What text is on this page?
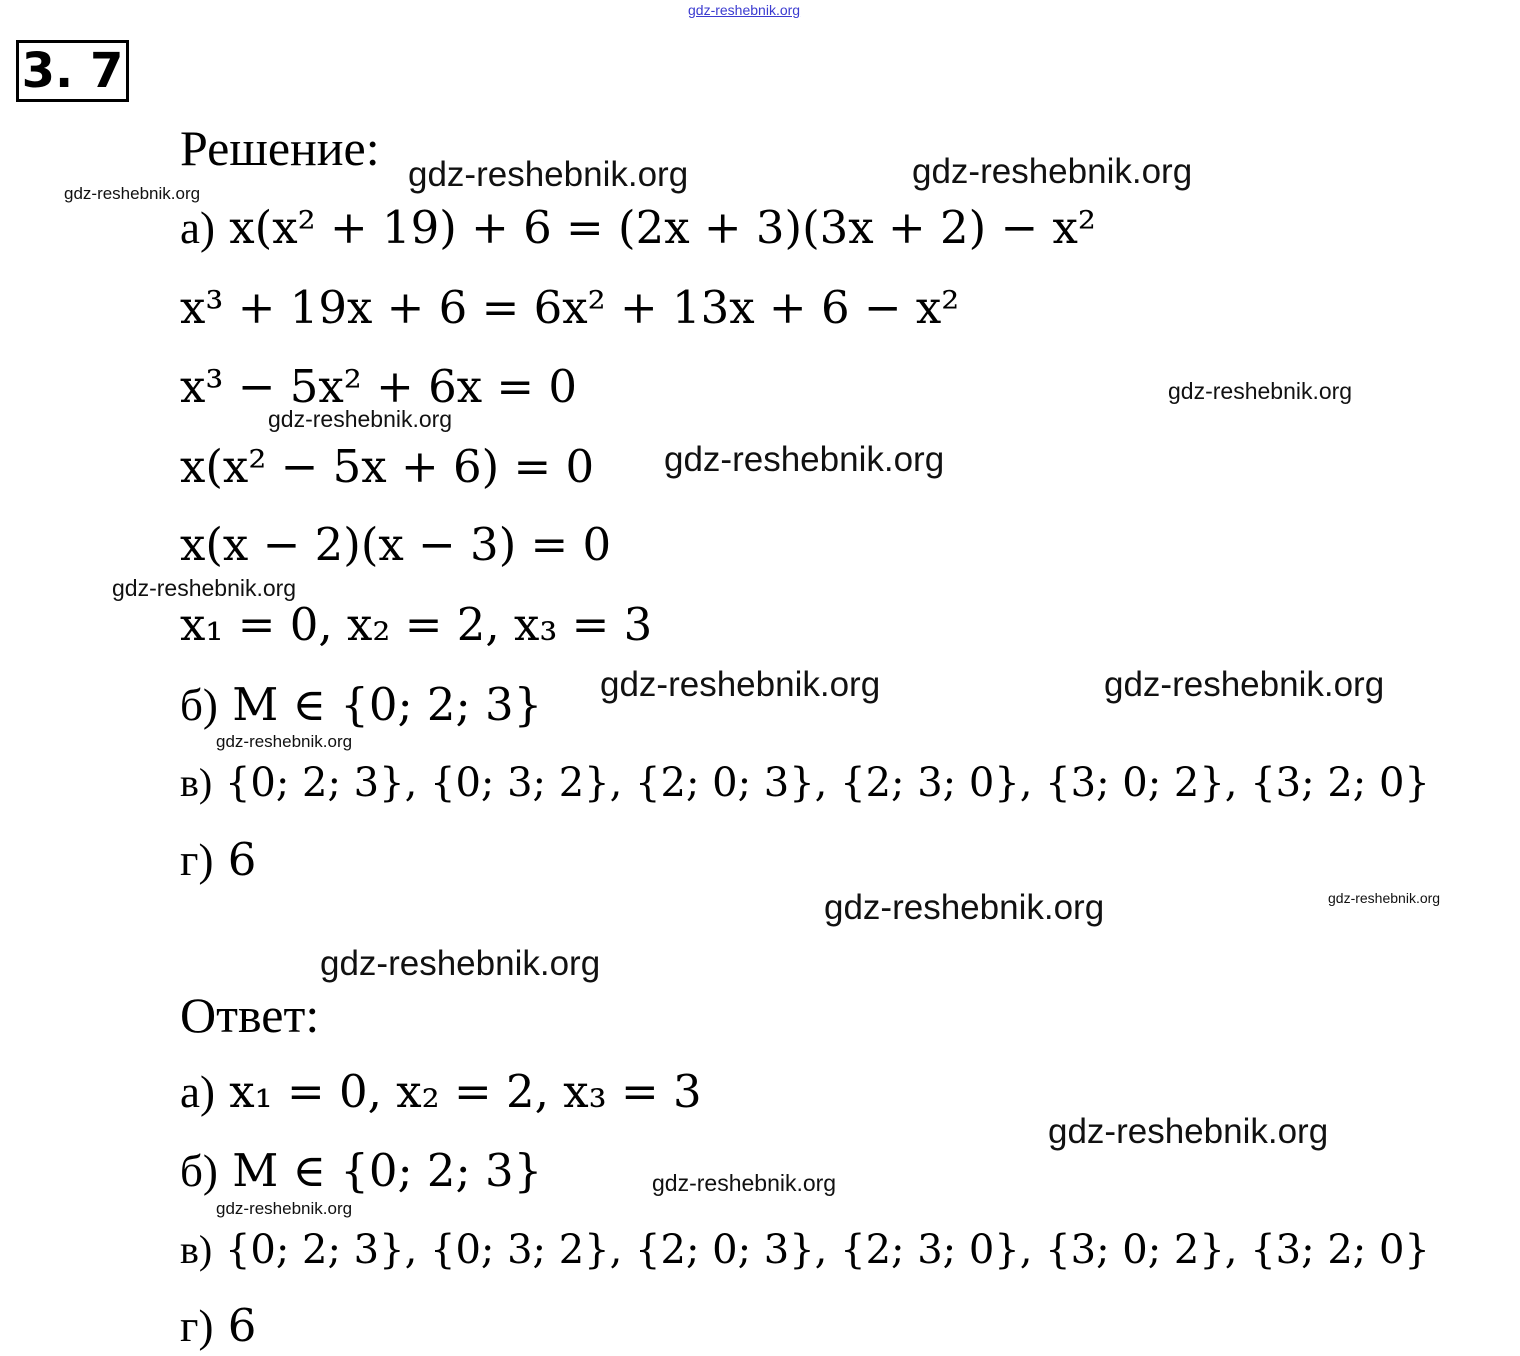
gdz-reshebnik.org
3. 7
Решение:
а) x(x² + 19) + 6 = (2x + 3)(3x + 2) − x²
x³ + 19x + 6 = 6x² + 13x + 6 − x²
x³ − 5x² + 6x = 0
x(x² − 5x + 6) = 0
x(x − 2)(x − 3) = 0
x₁ = 0, x₂ = 2, x₃ = 3
б) M ∈ {0; 2; 3}
в) {0; 2; 3}, {0; 3; 2}, {2; 0; 3}, {2; 3; 0}, {3; 0; 2}, {3; 2; 0}
г) 6
Ответ:
а) x₁ = 0, x₂ = 2, x₃ = 3
б) M ∈ {0; 2; 3}
в) {0; 2; 3}, {0; 3; 2}, {2; 0; 3}, {2; 3; 0}, {3; 0; 2}, {3; 2; 0}
г) 6
gdz-reshebnik.org	gdz-reshebnik.org
gdz-reshebnik.org
gdz-reshebnik.org
gdz-reshebnik.org
gdz-reshebnik.org
gdz-reshebnik.org
gdz-reshebnik.org	gdz-reshebnik.org
gdz-reshebnik.org
gdz-reshebnik.org
gdz-reshebnik.org
gdz-reshebnik.org
gdz-reshebnik.org
gdz-reshebnik.org
gdz-reshebnik.org
